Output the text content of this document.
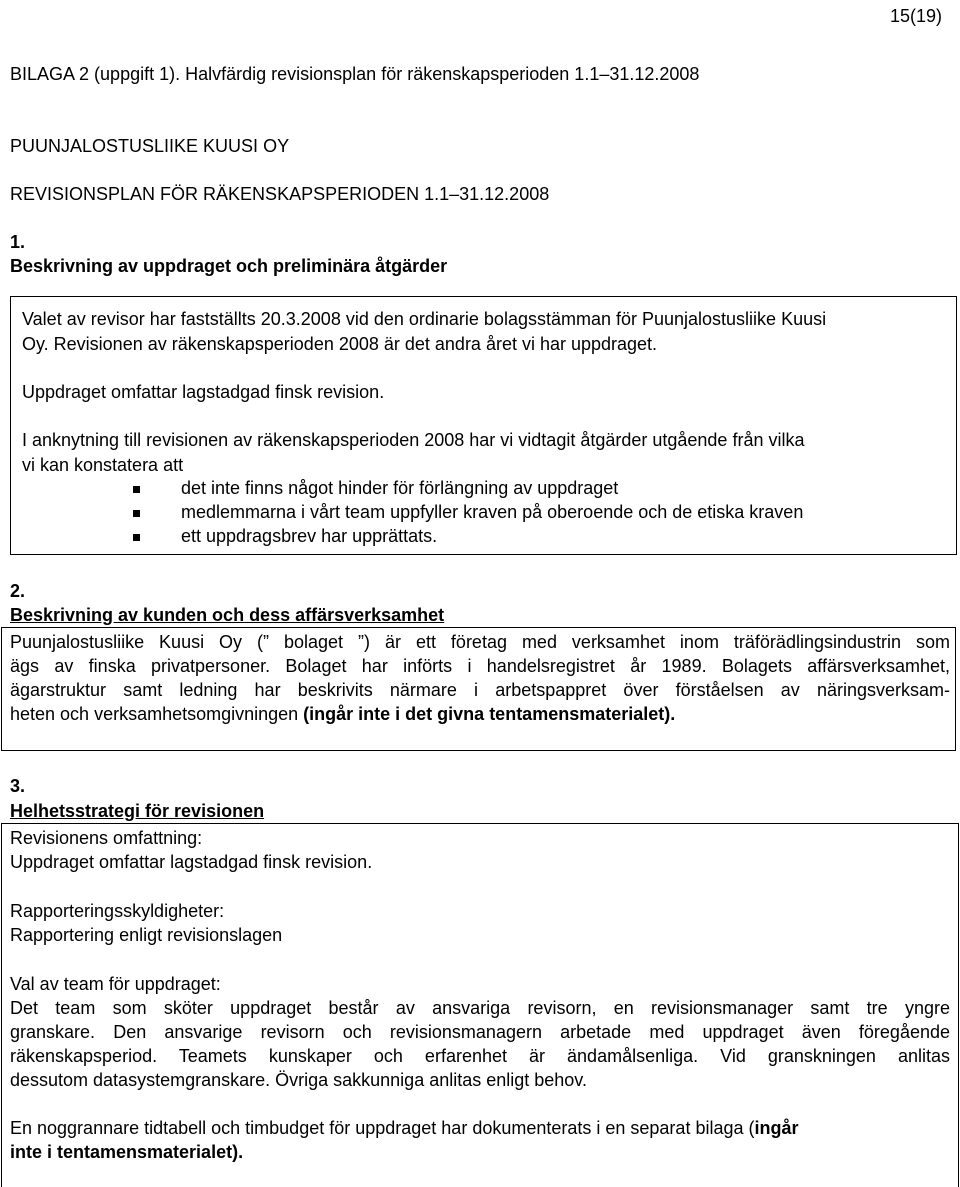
15(19)
BILAGA 2 (uppgift 1). Halvfärdig revisionsplan för räkenskapsperioden 1.1–31.12.2008
PUUNJALOSTUSLIIKE KUUSI OY
REVISIONSPLAN FÖR RÄKENSKAPSPERIODEN 1.1–31.12.2008
1.
Beskrivning av uppdraget och preliminära åtgärder
Valet av revisor har fastställts 20.3.2008 vid den ordinarie bolagsstämman för Puunjalostusliike Kuusi
Oy. Revisionen av räkenskapsperioden 2008 är det andra året vi har uppdraget.
Uppdraget omfattar lagstadgad finsk revision.
I anknytning till revisionen av räkenskapsperioden 2008 har vi vidtagit åtgärder utgående från vilka
vi kan konstatera att
det inte finns något hinder för förlängning av uppdraget
medlemmarna i vårt team uppfyller kraven på oberoende och de etiska kraven
ett uppdragsbrev har upprättats.
2.
Beskrivning av kunden och dess affärsverksamhet
Puunjalostusliike Kuusi Oy (” bolaget ”) är ett företag med verksamhet inom träförädlingsindustrin som
ägs av finska privatpersoner. Bolaget har införts i handelsregistret år 1989. Bolagets affärsverksamhet,
ägarstruktur samt ledning har beskrivits närmare i arbetspappret över förståelsen av näringsverksam-
heten och verksamhetsomgivningen (ingår inte i det givna tentamensmaterialet).
3.
Helhetsstrategi för revisionen
Revisionens omfattning:
Uppdraget omfattar lagstadgad finsk revision.
Rapporteringsskyldigheter:
Rapportering enligt revisionslagen
Val av team för uppdraget:
Det team som sköter uppdraget består av ansvariga revisorn, en revisionsmanager samt tre yngre
granskare. Den ansvarige revisorn och revisionsmanagern arbetade med uppdraget även föregående
räkenskapsperiod. Teamets kunskaper och erfarenhet är ändamålsenliga. Vid granskningen anlitas
dessutom datasystemgranskare. Övriga sakkunniga anlitas enligt behov.
En noggrannare tidtabell och timbudget för uppdraget har dokumenterats i en separat bilaga (ingår
inte i tentamensmaterialet).
